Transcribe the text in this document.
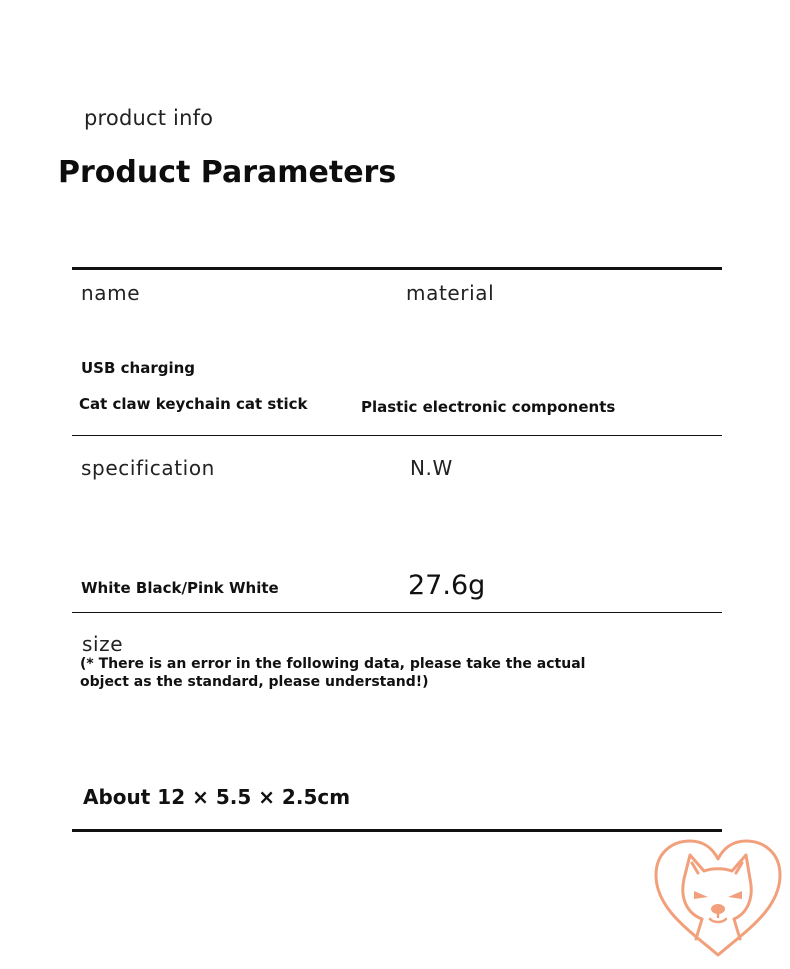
product info
Product Parameters
name	material
USB charging
Cat claw keychain cat stick	Plastic electronic components
specification	N.W
White Black/Pink White	27.6g
size
(* There is an error in the following data, please take the actual object as the standard, please understand!)
About 12 × 5.5 × 2.5cm
